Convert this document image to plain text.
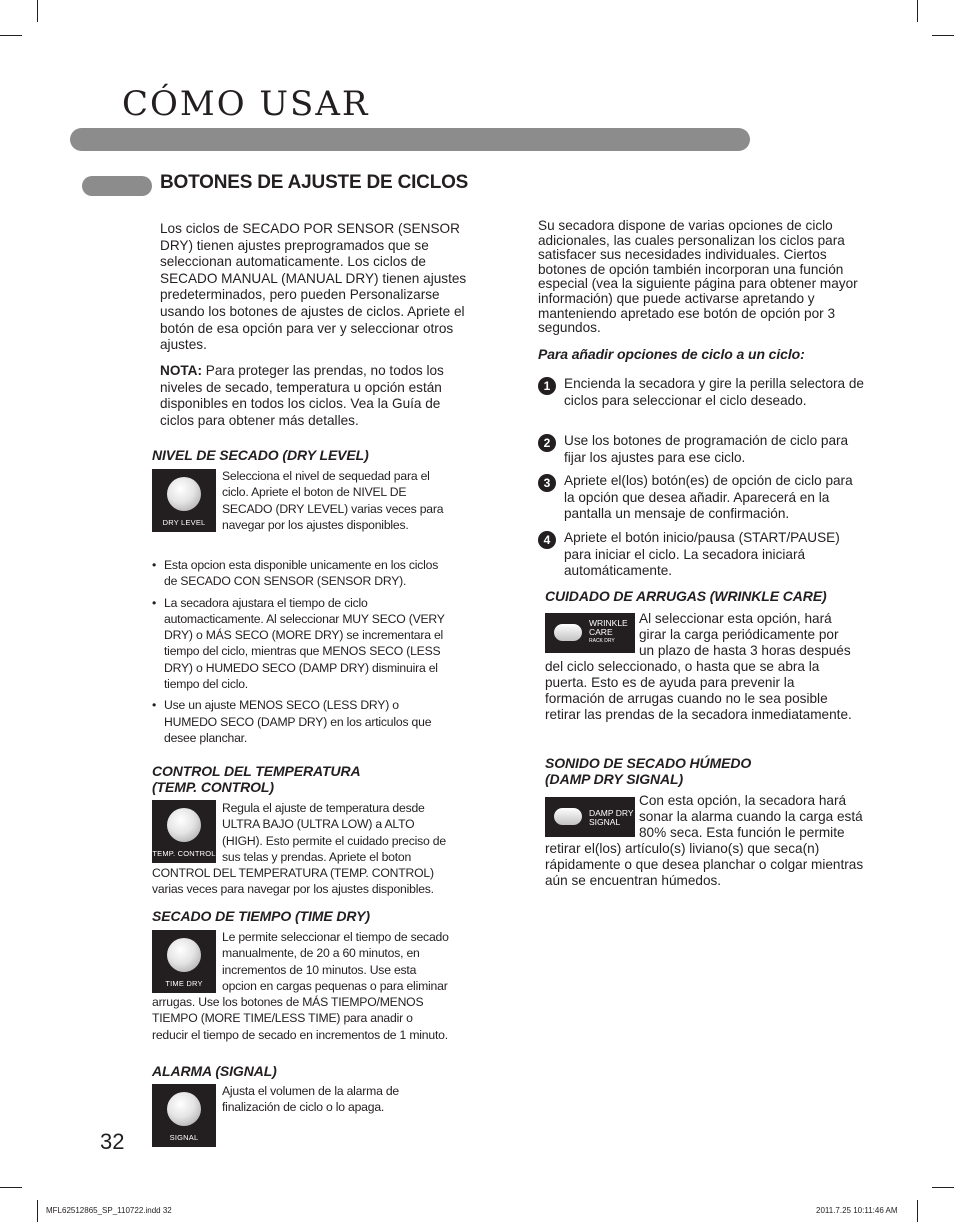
CÓMO USAR
BOTONES DE AJUSTE DE CICLOS

Los ciclos de SECADO POR SENSOR (SENSOR DRY) tienen ajustes preprogramados que se seleccionan automaticamente. Los ciclos de SECADO MANUAL (MANUAL DRY) tienen ajustes predeterminados, pero pueden Personalizarse usando los botones de ajustes de ciclos. Apriete el botón de esa opción para ver y seleccionar otros ajustes.

NOTA: Para proteger las prendas, no todos los niveles de secado, temperatura u opción están disponibles en todos los ciclos. Vea la Guía de ciclos para obtener más detalles.

NIVEL DE SECADO (DRY LEVEL)
DRY LEVEL

Selecciona el nivel de sequedad para el ciclo. Apriete el boton de NIVEL DE SECADO (DRY LEVEL) varias veces para navegar por los ajustes disponibles.

• Esta opcion esta disponible unicamente en los ciclos de SECADO CON SENSOR (SENSOR DRY).
• La secadora ajustara el tiempo de ciclo automacticamente. Al seleccionar MUY SECO (VERY DRY) o MÁS SECO (MORE DRY) se incrementara el tiempo del ciclo, mientras que MENOS SECO (LESS DRY) o HUMEDO SECO (DAMP DRY) disminuira el tiempo del ciclo.
• Use un ajuste MENOS SECO (LESS DRY) o HUMEDO SECO (DAMP DRY) en los articulos que desee planchar.
CONTROL DEL TEMPERATURA
(TEMP. CONTROL)
TEMP. CONTROL

Regula el ajuste de temperatura desde ULTRA BAJO (ULTRA LOW) a ALTO (HIGH). Esto permite el cuidado preciso de sus telas y prendas. Apriete el boton CONTROL DEL TEMPERATURA (TEMP. CONTROL) varias veces para navegar por los ajustes disponibles.

SECADO DE TIEMPO (TIME DRY)
TIME DRY

Le permite seleccionar el tiempo de secado manualmente, de 20 a 60 minutos, en incrementos de 10 minutos. Use esta opcion en cargas pequenas o para eliminar arrugas. Use los botones de MÁS TIEMPO/MENOS TIEMPO (MORE TIME/LESS TIME) para anadir o reducir el tiempo de secado en incrementos de 1 minuto.

ALARMA (SIGNAL)
SIGNAL

Ajusta el volumen de la alarma de finalización de ciclo o lo apaga.

Su secadora dispone de varias opciones de ciclo adicionales, las cuales personalizan los ciclos para satisfacer sus necesidades individuales. Ciertos botones de opción también incorporan una función especial (vea la siguiente página para obtener mayor información) que puede activarse apretando y manteniendo apretado ese botón de opción por 3 segundos.

Para añadir opciones de ciclo a un ciclo:
1	Encienda la secadora y gire la perilla selectora de ciclos para seleccionar el ciclo deseado.
2	Use los botones de programación de ciclo para fijar los ajustes para ese ciclo.
3	Apriete el(los) botón(es) de opción de ciclo para la opción que desea añadir. Aparecerá en la pantalla un mensaje de confirmación.
4	Apriete el botón inicio/pausa (START/PAUSE) para iniciar el ciclo. La secadora iniciará automáticamente.
CUIDADO DE ARRUGAS (WRINKLE CARE)
WRINKLE
CARE
RACK DRY

Al seleccionar esta opción, hará girar la carga periódicamente por un plazo de hasta 3 horas después del ciclo seleccionado, o hasta que se abra la puerta. Esto es de ayuda para prevenir la formación de arrugas cuando no le sea posible retirar las prendas de la secadora inmediatamente.

SONIDO DE SECADO HÚMEDO
(DAMP DRY SIGNAL)
DAMP DRY
SIGNAL

Con esta opción, la secadora hará sonar la alarma cuando la carga está 80% seca. Esta función le permite retirar el(los) artículo(s) liviano(s) que seca(n) rápidamente o que desea planchar o colgar mientras aún se encuentran húmedos.

32

MFL62512865_SP_110722.indd 32	2011.7.25 10:11:46 AM
